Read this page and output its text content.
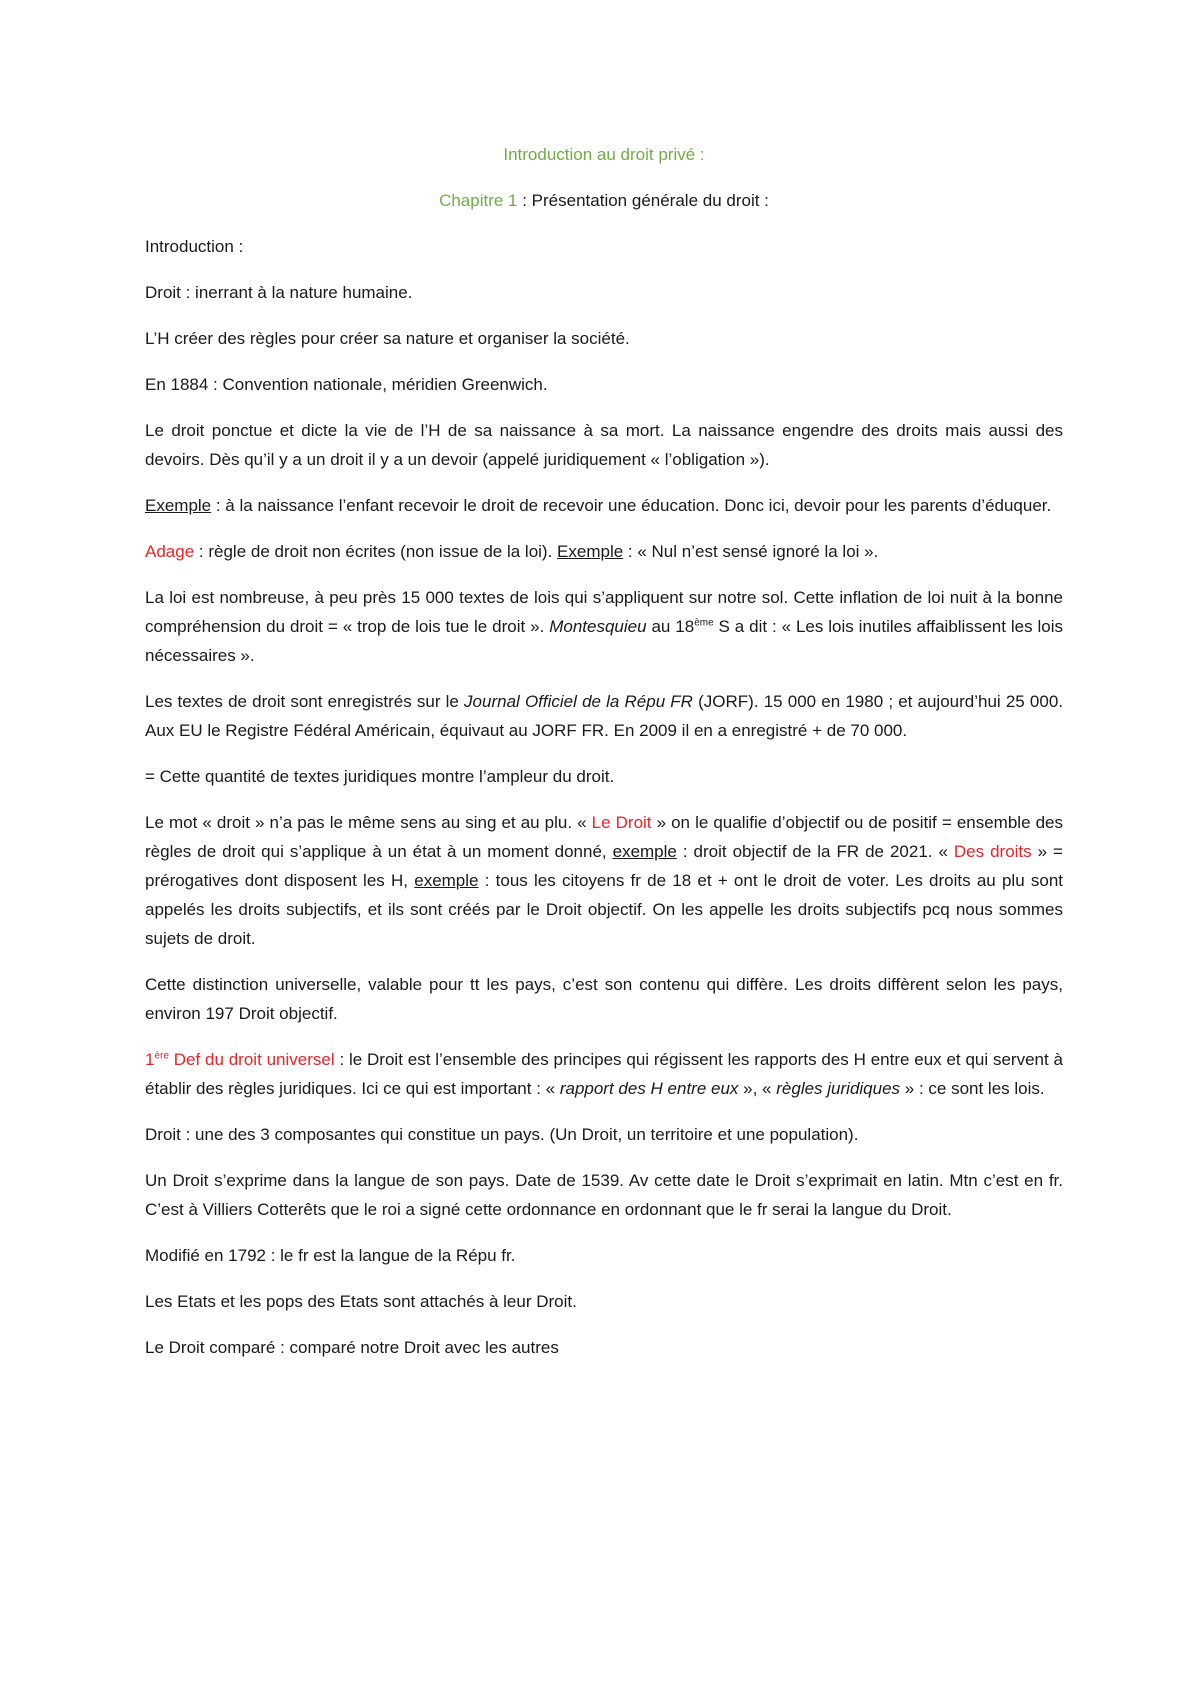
Introduction au droit privé :

Chapitre 1 : Présentation générale du droit :

Introduction :

Droit : inerrant à la nature humaine.

L’H créer des règles pour créer sa nature et organiser la société.

En 1884 : Convention nationale, méridien Greenwich.

Le droit ponctue et dicte la vie de l’H de sa naissance à sa mort. La naissance engendre des droits mais aussi des devoirs. Dès qu’il y a un droit il y a un devoir (appelé juridiquement « l’obligation »).

Exemple : à la naissance l’enfant recevoir le droit de recevoir une éducation. Donc ici, devoir pour les parents d’éduquer.

Adage : règle de droit non écrites (non issue de la loi). Exemple : « Nul n’est sensé ignoré la loi ».

La loi est nombreuse, à peu près 15 000 textes de lois qui s’appliquent sur notre sol. Cette inflation de loi nuit à la bonne compréhension du droit = « trop de lois tue le droit ». Montesquieu au 18ème S a dit : « Les lois inutiles affaiblissent les lois nécessaires ».

Les textes de droit sont enregistrés sur le Journal Officiel de la Répu FR (JORF). 15 000 en 1980 ; et aujourd’hui 25 000. Aux EU le Registre Fédéral Américain, équivaut au JORF FR. En 2009 il en a enregistré + de 70 000.

= Cette quantité de textes juridiques montre l’ampleur du droit.

Le mot « droit » n’a pas le même sens au sing et au plu. « Le Droit » on le qualifie d’objectif ou de positif = ensemble des règles de droit qui s’applique à un état à un moment donné, exemple : droit objectif de la FR de 2021. « Des droits » = prérogatives dont disposent les H, exemple : tous les citoyens fr de 18 et + ont le droit de voter. Les droits au plu sont appelés les droits subjectifs, et ils sont créés par le Droit objectif. On les appelle les droits subjectifs pcq nous sommes sujets de droit.

Cette distinction universelle, valable pour tt les pays, c’est son contenu qui diffère. Les droits diffèrent selon les pays, environ 197 Droit objectif.

1ère Def du droit universel : le Droit est l’ensemble des principes qui régissent les rapports des H entre eux et qui servent à établir des règles juridiques. Ici ce qui est important : « rapport des H entre eux », « règles juridiques » : ce sont les lois.

Droit : une des 3 composantes qui constitue un pays. (Un Droit, un territoire et une population).

Un Droit s’exprime dans la langue de son pays. Date de 1539. Av cette date le Droit s’exprimait en latin. Mtn c’est en fr. C’est à Villiers Cotterêts que le roi a signé cette ordonnance en ordonnant que le fr serai la langue du Droit.

Modifié en 1792 : le fr est la langue de la Répu fr.

Les Etats et les pops des Etats sont attachés à leur Droit.

Le Droit comparé : comparé notre Droit avec les autres
